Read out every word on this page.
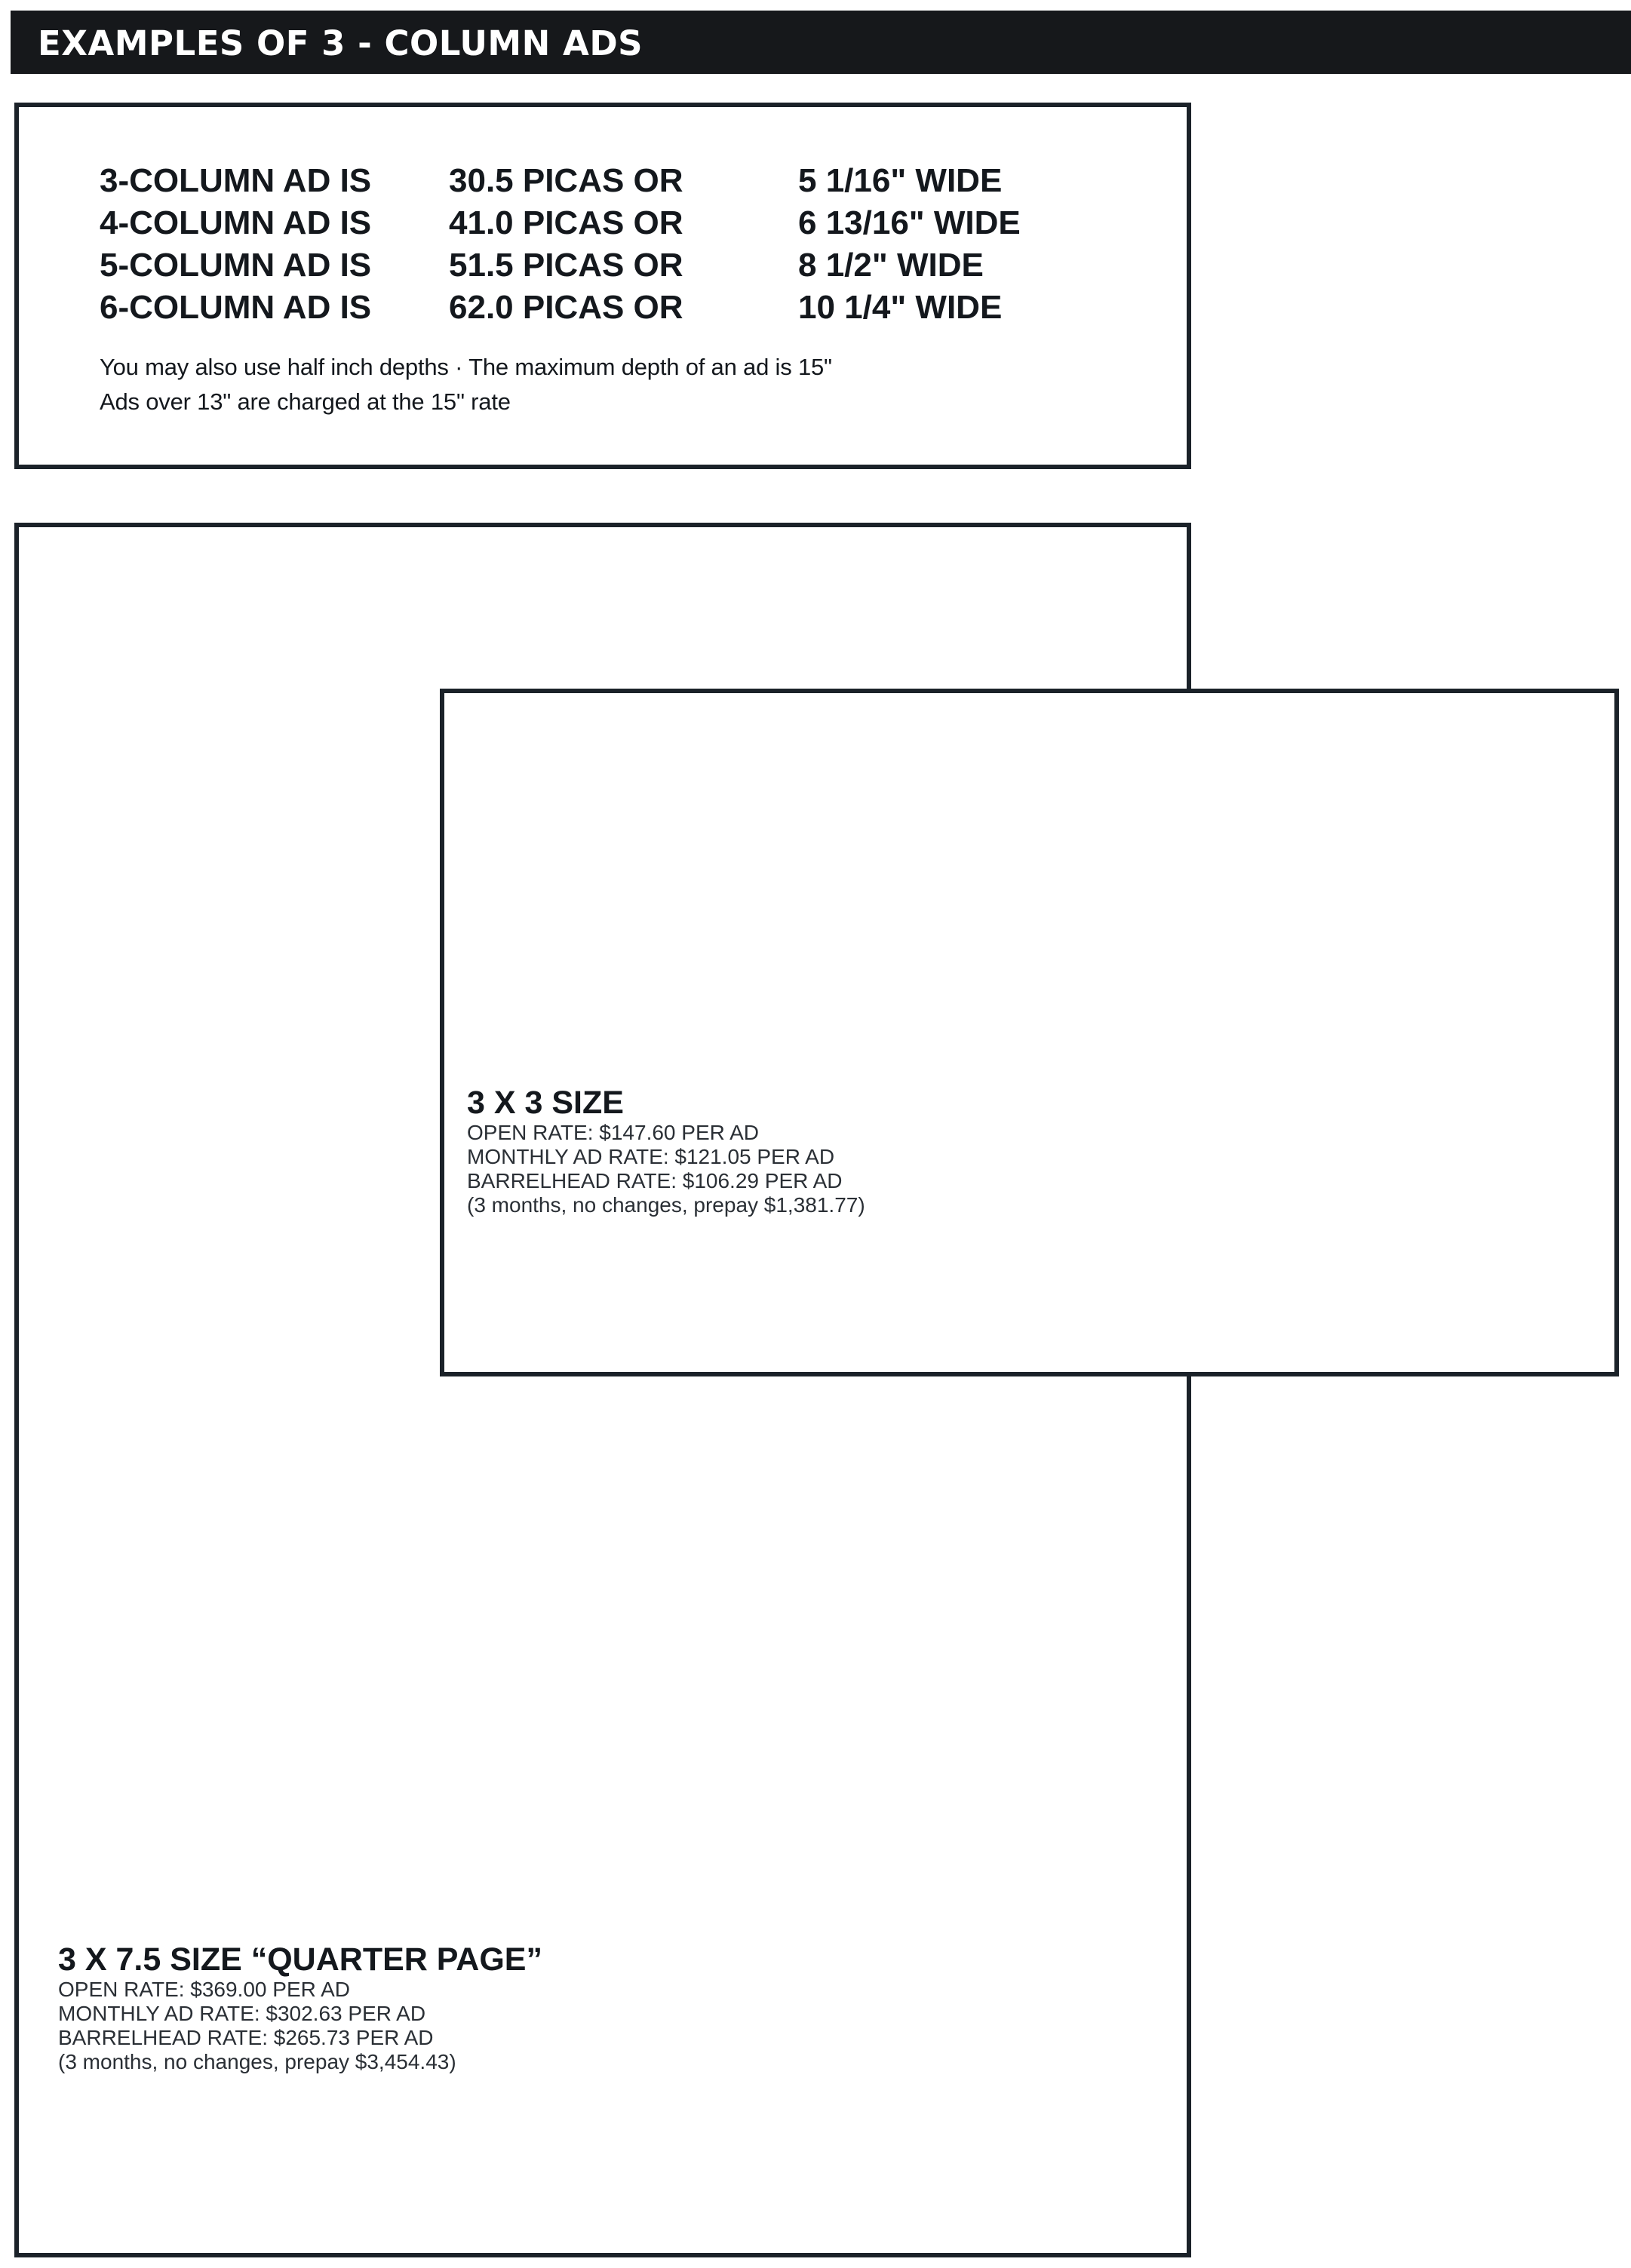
EXAMPLES OF 3 - COLUMN ADS
3-COLUMN AD IS 30.5 PICAS OR	5 1/16" WIDE
4-COLUMN AD IS 41.0 PICAS OR	6 13/16" WIDE
5-COLUMN AD IS 51.5 PICAS OR	8 1/2" WIDE
6-COLUMN AD IS 62.0 PICAS OR	10 1/4" WIDE
You may also use half inch depths · The maximum depth of an ad is 15"
Ads over 13" are charged at the 15" rate
3 X 7.5 SIZE “QUARTER PAGE”
OPEN RATE: $369.00 PER AD
MONTHLY AD RATE: $302.63 PER AD
BARRELHEAD RATE: $265.73 PER AD
(3 months, no changes, prepay $3,454.43)
3 X 3 SIZE
OPEN RATE: $147.60 PER AD
MONTHLY AD RATE: $121.05 PER AD
BARRELHEAD RATE: $106.29 PER AD
(3 months, no changes, prepay $1,381.77)
